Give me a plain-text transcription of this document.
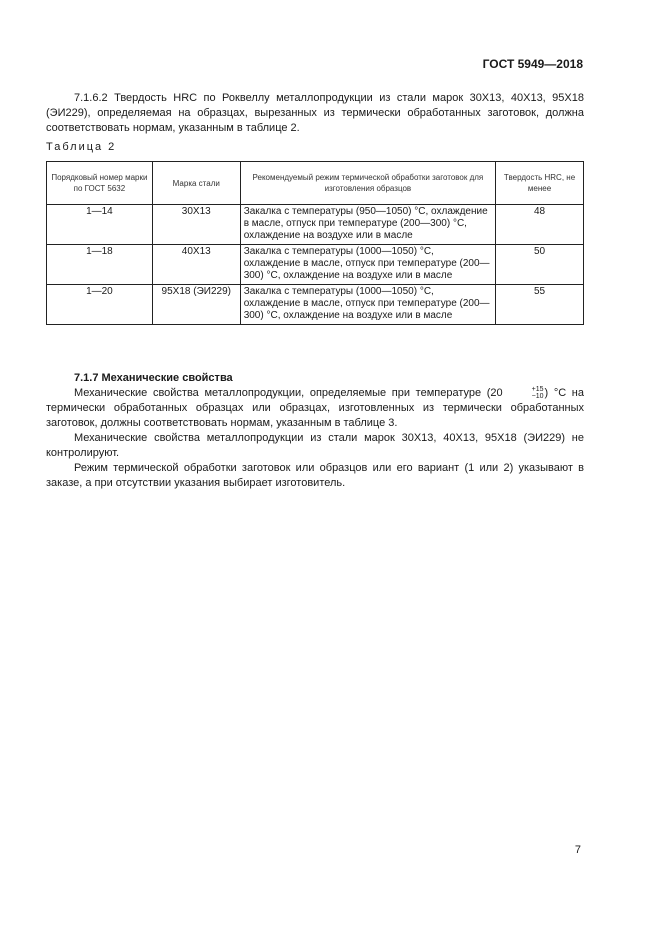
ГОСТ 5949—2018
7.1.6.2 Твердость HRC по Роквеллу металлопродукции из стали марок 30Х13, 40Х13, 95Х18 (ЭИ229), определяемая на образцах, вырезанных из термически обработанных заготовок, должна соответствовать нормам, указанным в таблице 2.
Таблица 2
Порядковый номер марки по ГОСТ 5632	Марка стали	Рекомендуемый режим термической обработки заготовок для изготовления образцов	Твердость HRC, не менее
1—14	30Х13	Закалка с температуры (950—1050) °С, охлаждение в масле, отпуск при температуре (200—300) °С, охлаждение на воздухе или в масле	48
1—18	40Х13	Закалка с температуры (1000—1050) °С, охлаждение в масле, отпуск при температуре (200—300) °С, охлаждение на воздухе или в масле	50
1—20	95Х18 (ЭИ229)	Закалка с температуры (1000—1050) °С, охлаждение в масле, отпуск при температуре (200—300) °С, охлаждение на воздухе или в масле	55
7.1.7 Механические свойства
Механические свойства металлопродукции, определяемые при температуре (20	+15
−10 ) °С на термически обработанных образцах или образцах, изготовленных из термически обработанных заготовок, должны соответствовать нормам, указанным в таблице 3.
Механические свойства металлопродукции из стали марок 30Х13, 40Х13, 95Х18 (ЭИ229) не контролируют.
Режим термической обработки заготовок или образцов или его вариант (1 или 2) указывают в заказе, а при отсутствии указания выбирает изготовитель.
7
